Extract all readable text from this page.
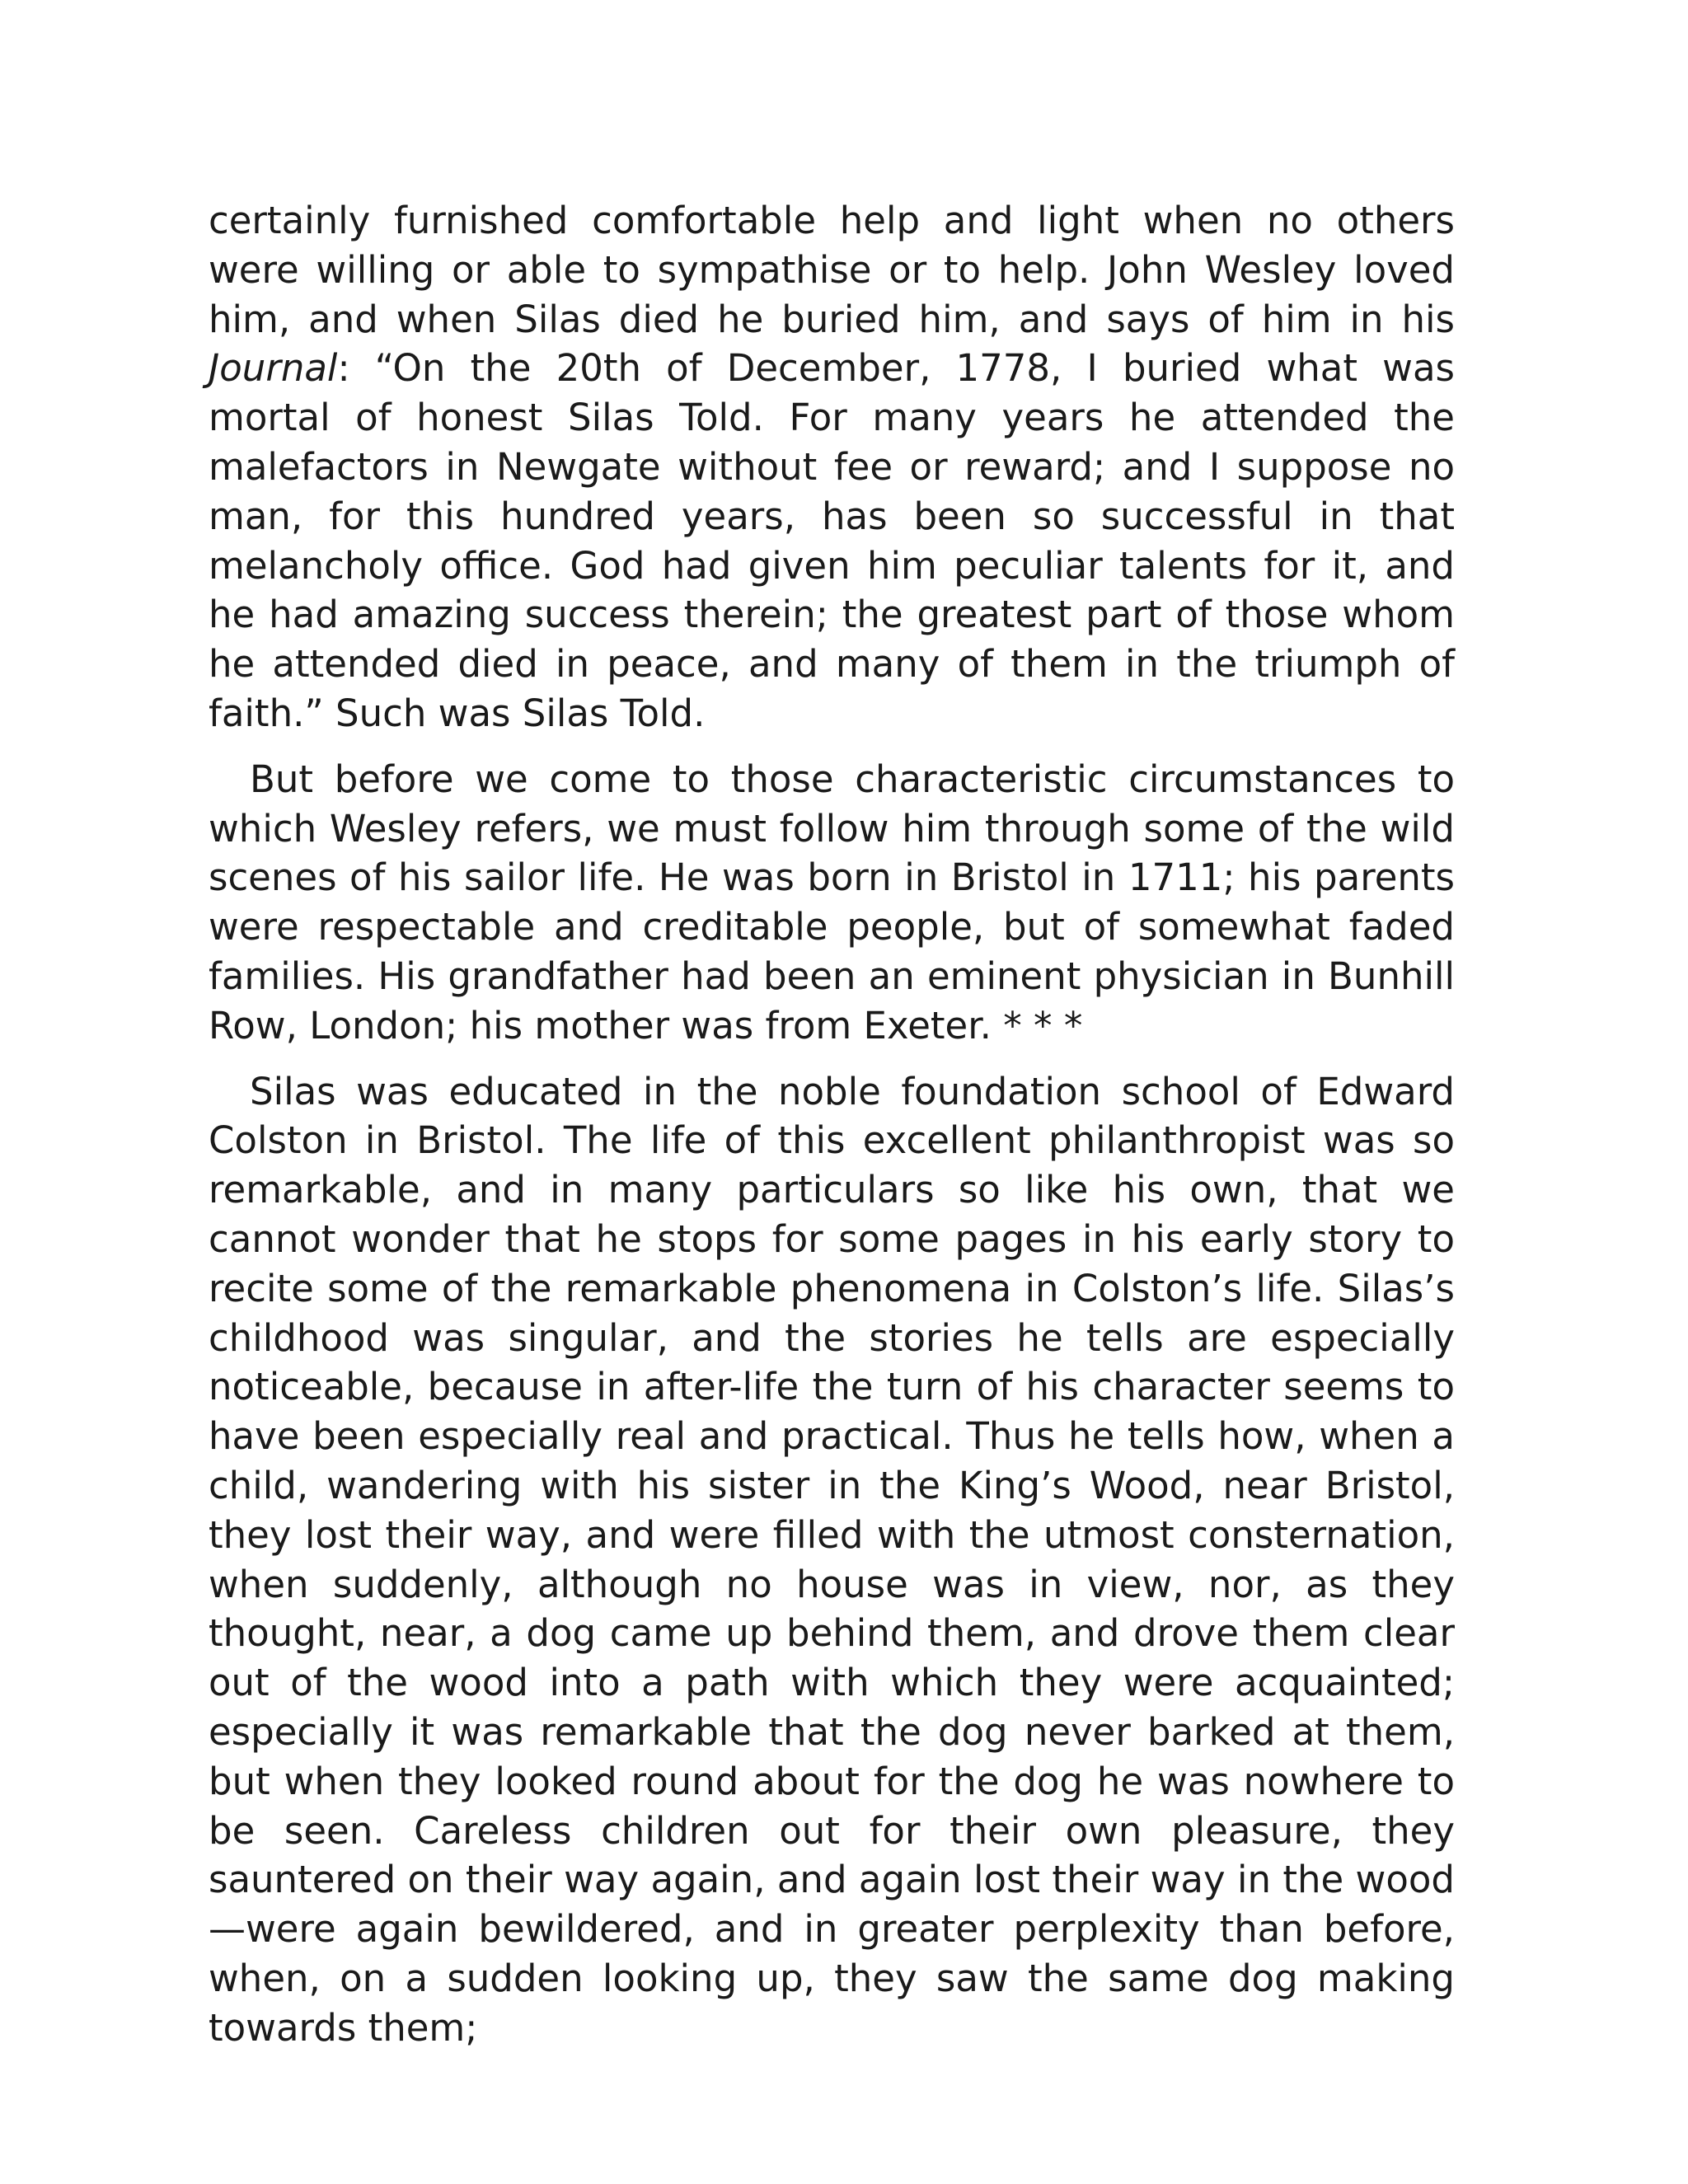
certainly furnished comfortable help and light when no others were willing or able to sympathise or to help. John Wesley loved him, and when Silas died he buried him, and says of him in his Journal: “On the 20th of December, 1778, I buried what was mortal of honest Silas Told. For many years he attended the malefactors in Newgate without fee or reward; and I suppose no man, for this hundred years, has been so successful in that melancholy office. God had given him peculiar talents for it, and he had amazing success therein; the greatest part of those whom he attended died in peace, and many of them in the triumph of faith.” Such was Silas Told.

But before we come to those characteristic circumstances to which Wesley refers, we must follow him through some of the wild scenes of his sailor life. He was born in Bristol in 1711; his parents were respectable and creditable people, but of somewhat faded families. His grandfather had been an eminent physician in Bunhill Row, London; his mother was from Exeter. * * *

Silas was educated in the noble foundation school of Edward Colston in Bristol. The life of this excellent philanthropist was so remarkable, and in many particulars so like his own, that we cannot wonder that he stops for some pages in his early story to recite some of the remarkable phenomena in Colston’s life. Silas’s childhood was singular, and the stories he tells are especially noticeable, because in after-life the turn of his character seems to have been especially real and practical. Thus he tells how, when a child, wandering with his sister in the King’s Wood, near Bristol, they lost their way, and were filled with the utmost consternation, when suddenly, although no house was in view, nor, as they thought, near, a dog came up behind them, and drove them clear out of the wood into a path with which they were acquainted; especially it was remarkable that the dog never barked at them, but when they looked round about for the dog he was nowhere to be seen. Careless children out for their own pleasure, they sauntered on their way again, and again lost their way in the wood—were again bewildered, and in greater perplexity than before, when, on a sudden looking up, they saw the same dog making towards them;
